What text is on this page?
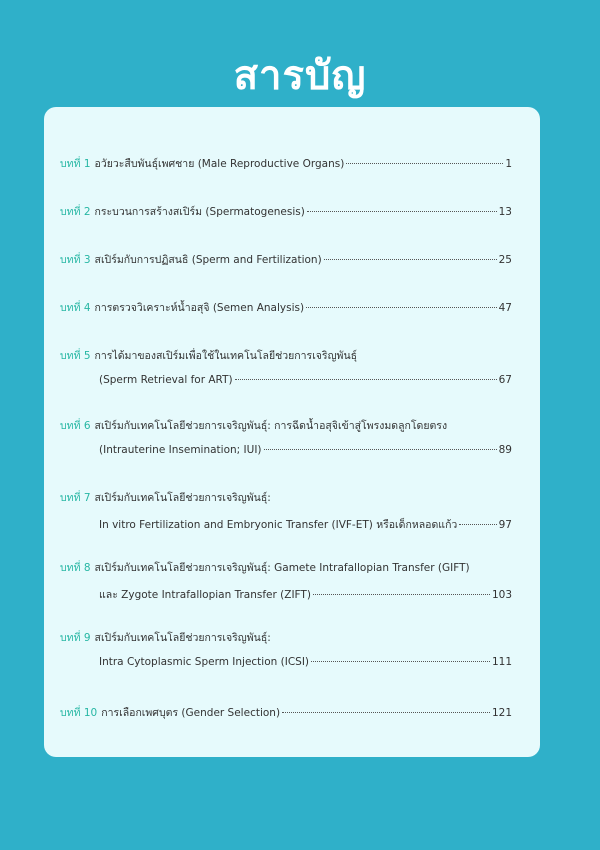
สารบัญ
บทที่ 1 อวัยวะสืบพันธุ์เพศชาย (Male Reproductive Organs)	1
บทที่ 2 กระบวนการสร้างสเปิร์ม (Spermatogenesis)	13
บทที่ 3 สเปิร์มกับการปฏิสนธิ (Sperm and Fertilization)	25
บทที่ 4 การตรวจวิเคราะห์น้ำอสุจิ (Semen Analysis)	47
บทที่ 5 การได้มาของสเปิร์มเพื่อใช้ในเทคโนโลยีช่วยการเจริญพันธุ์
(Sperm Retrieval for ART)	67
บทที่ 6 สเปิร์มกับเทคโนโลยีช่วยการเจริญพันธุ์: การฉีดน้ำอสุจิเข้าสู่โพรงมดลูกโดยตรง
(Intrauterine Insemination; IUI)	89
บทที่ 7 สเปิร์มกับเทคโนโลยีช่วยการเจริญพันธุ์:
In vitro Fertilization and Embryonic Transfer (IVF-ET) หรือเด็กหลอดแก้ว	97
บทที่ 8 สเปิร์มกับเทคโนโลยีช่วยการเจริญพันธุ์: Gamete Intrafallopian Transfer (GIFT)
และ Zygote Intrafallopian Transfer (ZIFT)	103
บทที่ 9 สเปิร์มกับเทคโนโลยีช่วยการเจริญพันธุ์:
Intra Cytoplasmic Sperm Injection (ICSI)	111
บทที่ 10 การเลือกเพศบุตร (Gender Selection)	121
